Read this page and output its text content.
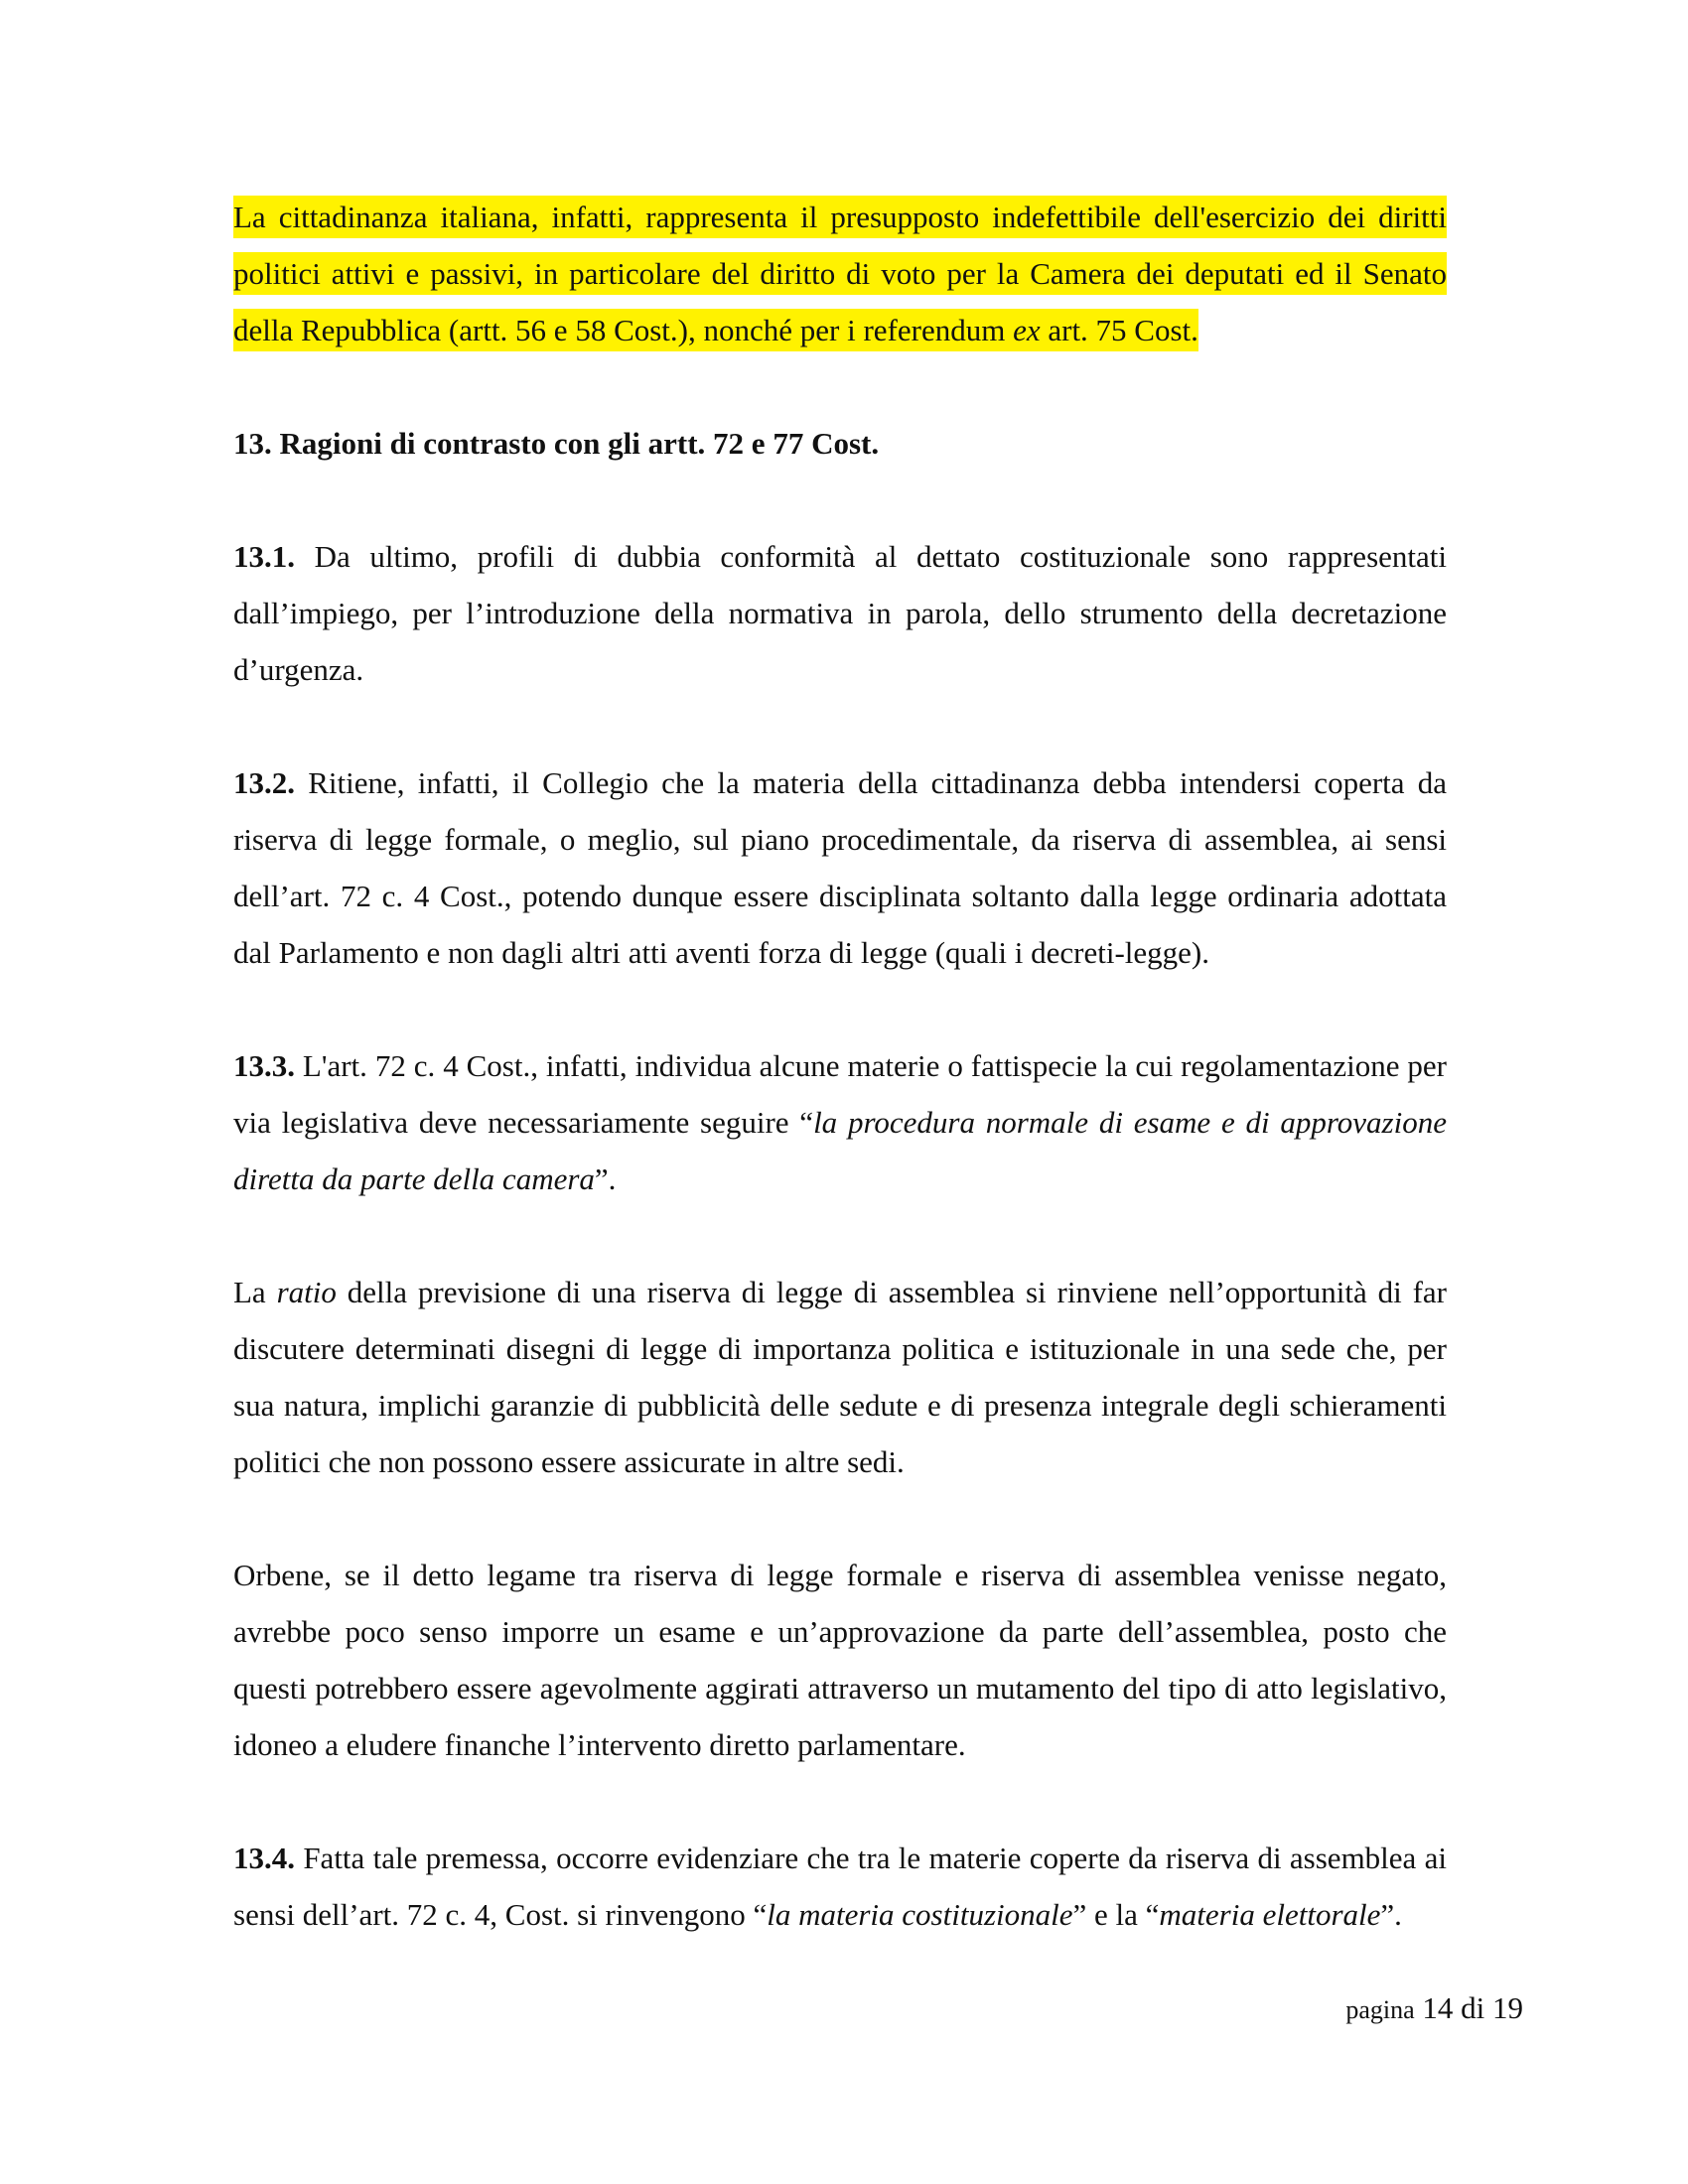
La cittadinanza italiana, infatti, rappresenta il presupposto indefettibile dell'esercizio dei diritti politici attivi e passivi, in particolare del diritto di voto per la Camera dei deputati ed il Senato della Repubblica (artt. 56 e 58 Cost.), nonché per i referendum ex art. 75 Cost.

13. Ragioni di contrasto con gli artt. 72 e 77 Cost.

13.1. Da ultimo, profili di dubbia conformità al dettato costituzionale sono rappresentati dall’impiego, per l’introduzione della normativa in parola, dello strumento della decretazione d’urgenza.

13.2. Ritiene, infatti, il Collegio che la materia della cittadinanza debba intendersi coperta da riserva di legge formale, o meglio, sul piano procedimentale, da riserva di assemblea, ai sensi dell’art. 72 c. 4 Cost., potendo dunque essere disciplinata soltanto dalla legge ordinaria adottata dal Parlamento e non dagli altri atti aventi forza di legge (quali i decreti-legge).

13.3. L'art. 72 c. 4 Cost., infatti, individua alcune materie o fattispecie la cui regolamentazione per via legislativa deve necessariamente seguire “la procedura normale di esame e di approvazione diretta da parte della camera”.

La ratio della previsione di una riserva di legge di assemblea si rinviene nell’opportunità di far discutere determinati disegni di legge di importanza politica e istituzionale in una sede che, per sua natura, implichi garanzie di pubblicità delle sedute e di presenza integrale degli schieramenti politici che non possono essere assicurate in altre sedi.

Orbene, se il detto legame tra riserva di legge formale e riserva di assemblea venisse negato, avrebbe poco senso imporre un esame e un’approvazione da parte dell’assemblea, posto che questi potrebbero essere agevolmente aggirati attraverso un mutamento del tipo di atto legislativo, idoneo a eludere finanche l’intervento diretto parlamentare.

13.4. Fatta tale premessa, occorre evidenziare che tra le materie coperte da riserva di assemblea ai sensi dell’art. 72 c. 4, Cost. si rinvengono “la materia costituzionale” e la “materia elettorale”.

pagina 14 di 19
